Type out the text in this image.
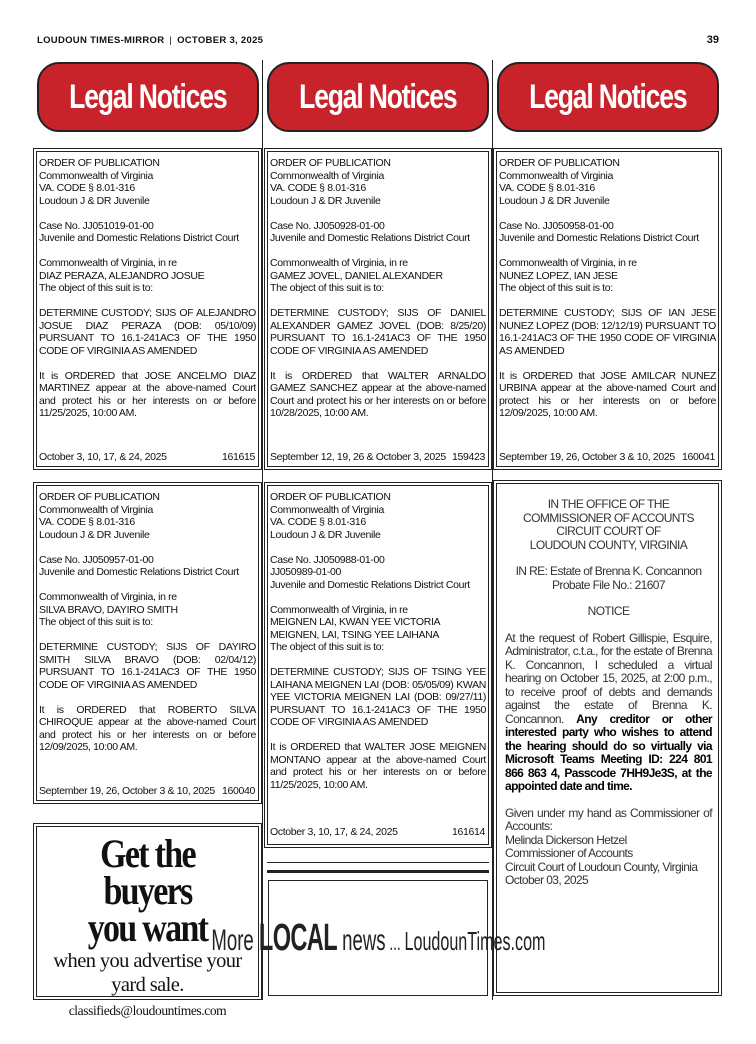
LOUDOUN TIMES-MIRROR | OCTOBER 3, 2025	39
Legal Notices Legal Notices Legal Notices
ORDER OF PUBLICATION
Commonwealth of Virginia
VA. CODE § 8.01-316
Loudoun J & DR Juvenile
Case No. JJ051019-01-00
Juvenile and Domestic Relations District Court
Commonwealth of Virginia, in re
DIAZ PERAZA, ALEJANDRO JOSUE
The object of this suit is to:
DETERMINE CUSTODY; SIJS OF ALEJANDRO JOSUE DIAZ PERAZA (DOB: 05/10/09) PURSUANT TO 16.1-241AC3 OF THE 1950 CODE OF VIRGINIA AS AMENDED
It is ORDERED that JOSE ANCELMO DIAZ MARTINEZ appear at the above-named Court and protect his or her interests on or before 11/25/2025, 10:00 AM.
October 3, 10, 17, & 24, 2025	161615
ORDER OF PUBLICATION
Commonwealth of Virginia
VA. CODE § 8.01-316
Loudoun J & DR Juvenile
Case No. JJ050928-01-00
Juvenile and Domestic Relations District Court
Commonwealth of Virginia, in re
GAMEZ JOVEL, DANIEL ALEXANDER
The object of this suit is to:
DETERMINE CUSTODY; SIJS OF DANIEL ALEXANDER GAMEZ JOVEL (DOB: 8/25/20) PURSUANT TO 16.1-241AC3 OF THE 1950 CODE OF VIRGINIA AS AMENDED
It is ORDERED that WALTER ARNALDO GAMEZ SANCHEZ appear at the above-named Court and protect his or her interests on or before 10/28/2025, 10:00 AM.
September 12, 19, 26 & October 3, 2025 159423
ORDER OF PUBLICATION
Commonwealth of Virginia
VA. CODE § 8.01-316
Loudoun J & DR Juvenile
Case No. JJ050958-01-00
Juvenile and Domestic Relations District Court
Commonwealth of Virginia, in re
NUNEZ LOPEZ, IAN JESE
The object of this suit is to:
DETERMINE CUSTODY; SIJS OF IAN JESE NUNEZ LOPEZ (DOB: 12/12/19) PURSUANT TO 16.1-241AC3 OF THE 1950 CODE OF VIRGINIA AS AMENDED
It is ORDERED that JOSE AMILCAR NUNEZ URBINA appear at the above-named Court and protect his or her interests on or before 12/09/2025, 10:00 AM.
September 19, 26, October 3 & 10, 2025 160041
ORDER OF PUBLICATION
Commonwealth of Virginia
VA. CODE § 8.01-316
Loudoun J & DR Juvenile
Case No. JJ050957-01-00
Juvenile and Domestic Relations District Court
Commonwealth of Virginia, in re
SILVA BRAVO, DAYIRO SMITH
The object of this suit is to:
DETERMINE CUSTODY; SIJS OF DAYIRO SMITH SILVA BRAVO (DOB: 02/04/12) PURSUANT TO 16.1-241AC3 OF THE 1950 CODE OF VIRGINIA AS AMENDED
It is ORDERED that ROBERTO SILVA CHIROQUE appear at the above-named Court and protect his or her interests on or before 12/09/2025, 10:00 AM.
September 19, 26, October 3 & 10, 2025 160040
ORDER OF PUBLICATION
Commonwealth of Virginia
VA. CODE § 8.01-316
Loudoun J & DR Juvenile
Case No. JJ050988-01-00
JJ050989-01-00
Juvenile and Domestic Relations District Court
Commonwealth of Virginia, in re
MEIGNEN LAI, KWAN YEE VICTORIA
MEIGNEN, LAI, TSING YEE LAIHANA
The object of this suit is to:
DETERMINE CUSTODY; SIJS OF TSING YEE LAIHANA MEIGNEN LAI (DOB: 05/05/09) KWAN YEE VICTORIA MEIGNEN LAI (DOB: 09/27/11) PURSUANT TO 16.1-241AC3 OF THE 1950 CODE OF VIRGINIA AS AMENDED
It is ORDERED that WALTER JOSE MEIGNEN MONTANO appear at the above-named Court and protect his or her interests on or before 11/25/2025, 10:00 AM.
October 3, 10, 17, & 24, 2025	161614
IN THE OFFICE OF THE
COMMISSIONER OF ACCOUNTS
CIRCUIT COURT OF
LOUDOUN COUNTY, VIRGINIA
IN RE: Estate of Brenna K. Concannon
Probate File No.: 21607
NOTICE
At the request of Robert Gillispie, Esquire, Administrator, c.t.a., for the estate of Brenna K. Concannon, I scheduled a virtual hearing on October 15, 2025, at 2:00 p.m., to receive proof of debts and demands against the estate of Brenna K. Concannon. Any creditor or other interested party who wishes to attend the hearing should do so virtually via Microsoft Teams Meeting ID: 224 801 866 863 4, Passcode 7HH9Je3S, at the appointed date and time.
Given under my hand as Commissioner of Accounts:
Melinda Dickerson Hetzel
Commissioner of Accounts
Circuit Court of Loudoun County, Virginia
October 03, 2025
Get the buyers
you want
when you advertise your yard sale.
classifieds@loudountimes.com
More LOCAL news ... LoudounTimes.com
